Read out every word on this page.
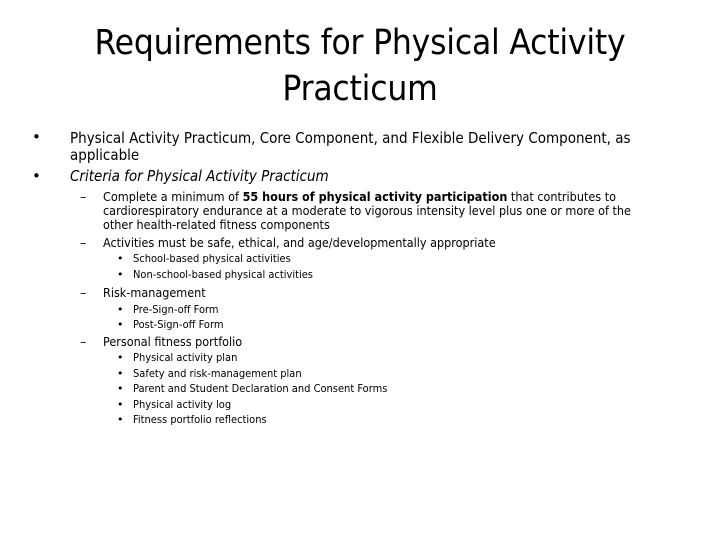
Requirements for Physical Activity
Practicum
• Physical Activity Practicum, Core Component, and Flexible Delivery Component, as
applicable
• Criteria for Physical Activity Practicum
– Complete a minimum of 55 hours of physical activity participation that contributes to
cardiorespiratory endurance at a moderate to vigorous intensity level plus one or more of the
other health-related fitness components
– Activities must be safe, ethical, and age/developmentally appropriate
• School-based physical activities
• Non-school-based physical activities
– Risk-management
• Pre-Sign-off Form
• Post-Sign-off Form
– Personal fitness portfolio
• Physical activity plan
• Safety and risk-management plan
• Parent and Student Declaration and Consent Forms
• Physical activity log
• Fitness portfolio reflections
